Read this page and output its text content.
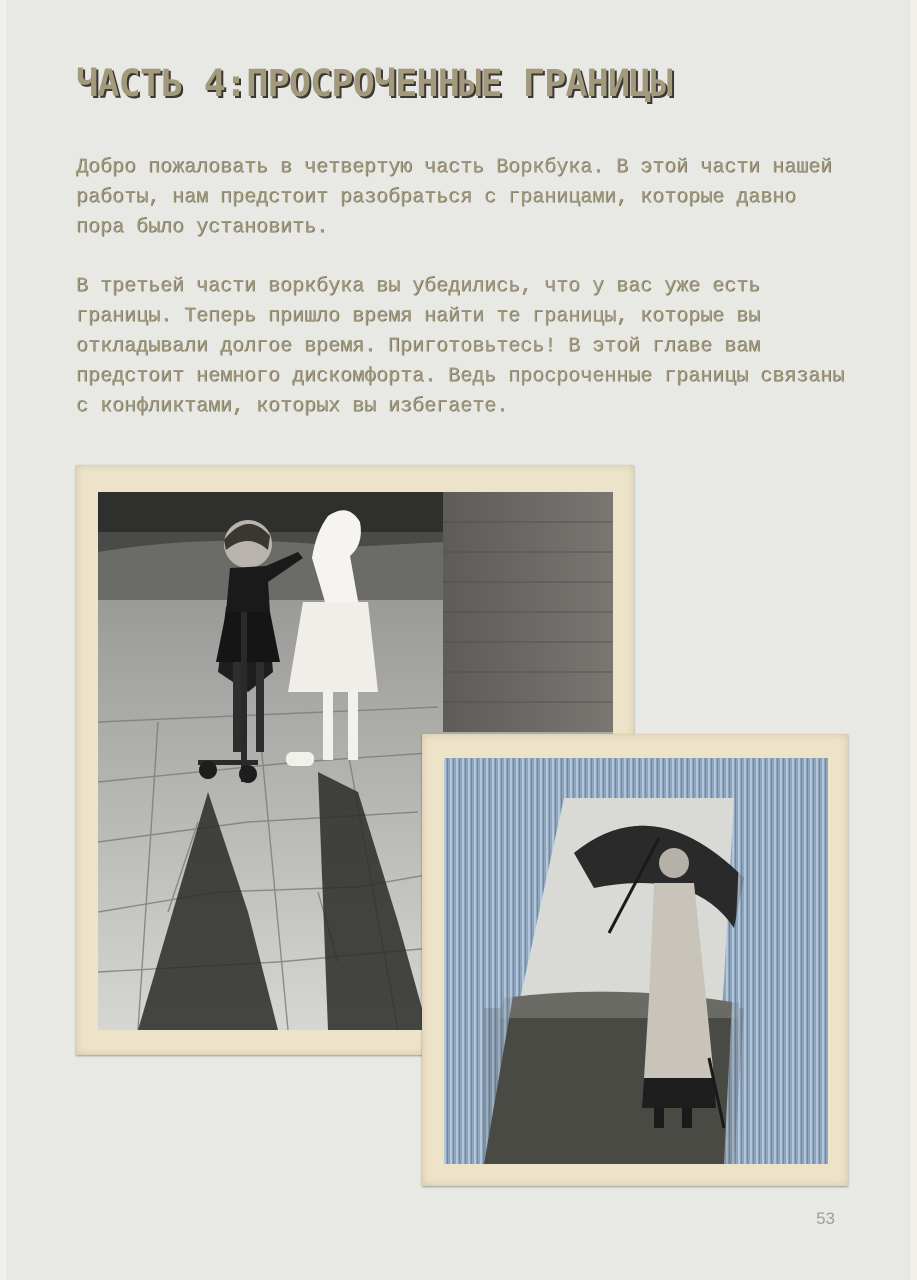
ЧАСТЬ 4:ПРОСРОЧЕННЫЕ ГРАНИЦЫ

Добро пожаловать в четвертую часть Воркбука. В этой части нашей работы, нам предстоит разобраться с границами, которые давно пора было установить.

В третьей части воркбука вы убедились, что у вас уже есть границы. Теперь пришло время найти те границы, которые вы откладывали долгое время. Приготовьтесь! В этой главе вам предстоит немного дискомфорта. Ведь просроченные границы связаны с конфликтами, которых вы избегаете.

53
